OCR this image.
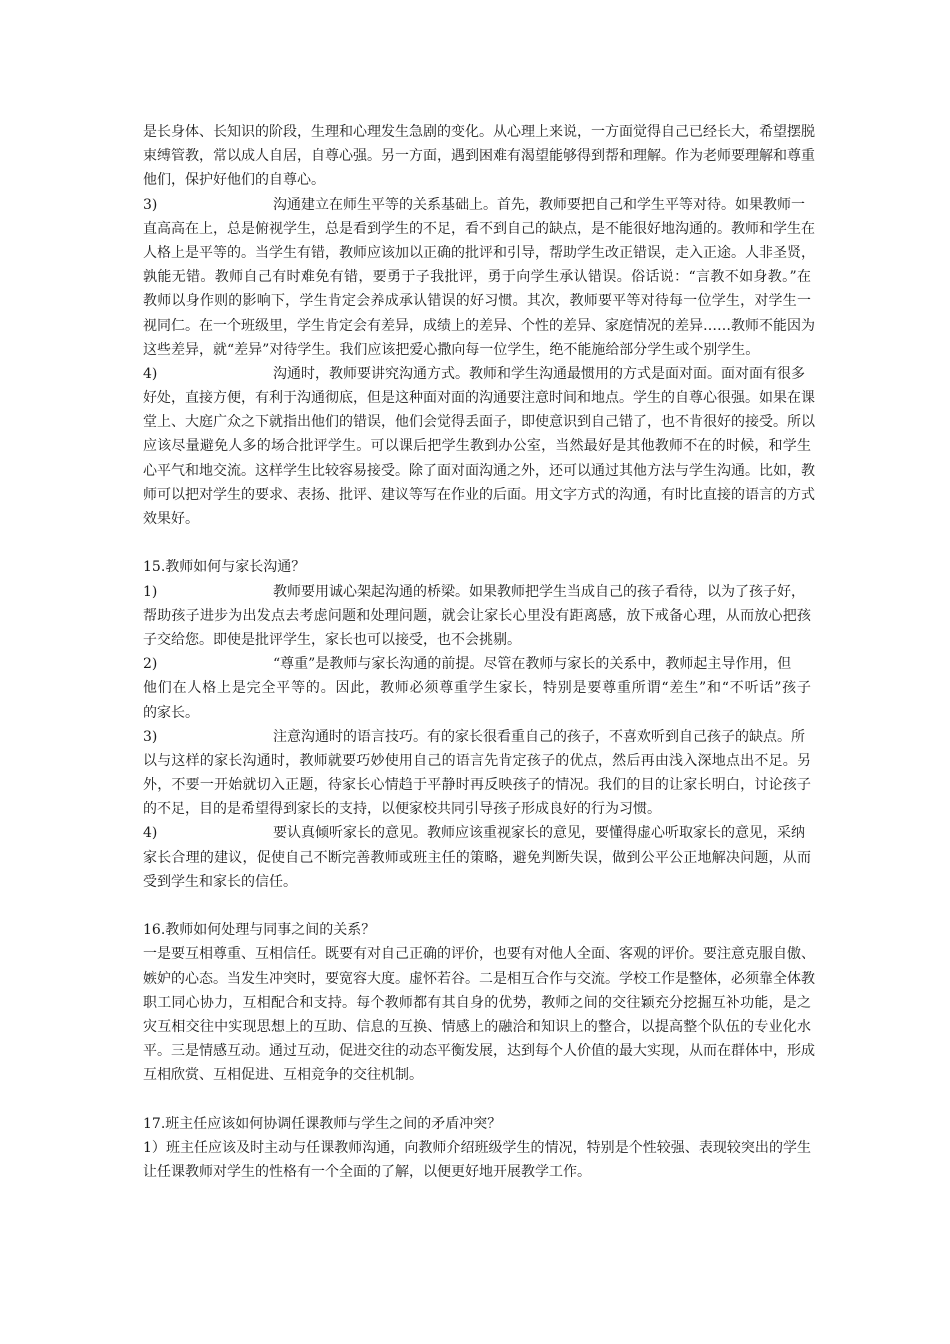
是长身体、长知识的阶段，生理和心理发生急剧的变化。从心理上来说，一方面觉得自己已经长大，希望摆脱
束缚管教，常以成人自居，自尊心强。另一方面，遇到困难有渴望能够得到帮和理解。作为老师要理解和尊重
他们，保护好他们的自尊心。
3)	沟通建立在师生平等的关系基础上。首先，教师要把自己和学生平等对待。如果教师一
直高高在上，总是俯视学生，总是看到学生的不足，看不到自己的缺点，是不能很好地沟通的。教师和学生在
人格上是平等的。当学生有错，教师应该加以正确的批评和引导，帮助学生改正错误，走入正途。人非圣贤，
孰能无错。教师自己有时难免有错，要勇于子我批评，勇于向学生承认错误。俗话说：“言教不如身教。”在
教师以身作则的影响下，学生肯定会养成承认错误的好习惯。其次，教师要平等对待每一位学生，对学生一
视同仁。在一个班级里，学生肯定会有差异，成绩上的差异、个性的差异、家庭情况的差异……教师不能因为
这些差异，就“差异”对待学生。我们应该把爱心撒向每一位学生，绝不能施给部分学生或个别学生。
4)	沟通时，教师要讲究沟通方式。教师和学生沟通最惯用的方式是面对面。面对面有很多
好处，直接方便，有利于沟通彻底，但是这种面对面的沟通要注意时间和地点。学生的自尊心很强。如果在课
堂上、大庭广众之下就指出他们的错误，他们会觉得丢面子，即使意识到自己错了，也不肯很好的接受。所以
应该尽量避免人多的场合批评学生。可以课后把学生教到办公室，当然最好是其他教师不在的时候，和学生
心平气和地交流。这样学生比较容易接受。除了面对面沟通之外，还可以通过其他方法与学生沟通。比如，教
师可以把对学生的要求、表扬、批评、建议等写在作业的后面。用文字方式的沟通，有时比直接的语言的方式
效果好。
15.教师如何与家长沟通？
1)	教师要用诚心架起沟通的桥梁。如果教师把学生当成自己的孩子看待，以为了孩子好，
帮助孩子进步为出发点去考虑问题和处理问题，就会让家长心里没有距离感，放下戒备心理，从而放心把孩
子交给您。即使是批评学生，家长也可以接受，也不会挑剔。
2)	“尊重”是教师与家长沟通的前提。尽管在教师与家长的关系中，教师起主导作用，但
他们在人格上是完全平等的。因此，教师必须尊重学生家长，特别是要尊重所谓“差生”和“不听话”孩子
的家长。
3)	注意沟通时的语言技巧。有的家长很看重自己的孩子，不喜欢听到自己孩子的缺点。所
以与这样的家长沟通时，教师就要巧妙使用自己的语言先肯定孩子的优点，然后再由浅入深地点出不足。另
外，不要一开始就切入正题，待家长心情趋于平静时再反映孩子的情况。我们的目的让家长明白，讨论孩子
的不足，目的是希望得到家长的支持，以便家校共同引导孩子形成良好的行为习惯。
4)	要认真倾听家长的意见。教师应该重视家长的意见，要懂得虚心听取家长的意见，采纳
家长合理的建议，促使自己不断完善教师或班主任的策略，避免判断失误，做到公平公正地解决问题，从而
受到学生和家长的信任。
16.教师如何处理与同事之间的关系？
一是要互相尊重、互相信任。既要有对自己正确的评价，也要有对他人全面、客观的评价。要注意克服自傲、
嫉妒的心态。当发生冲突时，要宽容大度。虚怀若谷。二是相互合作与交流。学校工作是整体，必须靠全体教
职工同心协力，互相配合和支持。每个教师都有其自身的优势，教师之间的交往颖充分挖掘互补功能，是之
灾互相交往中实现思想上的互助、信息的互换、情感上的融洽和知识上的整合，以提高整个队伍的专业化水
平。三是情感互动。通过互动，促进交往的动态平衡发展，达到每个人价值的最大实现，从而在群体中，形成
互相欣赏、互相促进、互相竞争的交往机制。
17.班主任应该如何协调任课教师与学生之间的矛盾冲突？
1）班主任应该及时主动与任课教师沟通，向教师介绍班级学生的情况，特别是个性较强、表现较突出的学生
让任课教师对学生的性格有一个全面的了解，以便更好地开展教学工作。
